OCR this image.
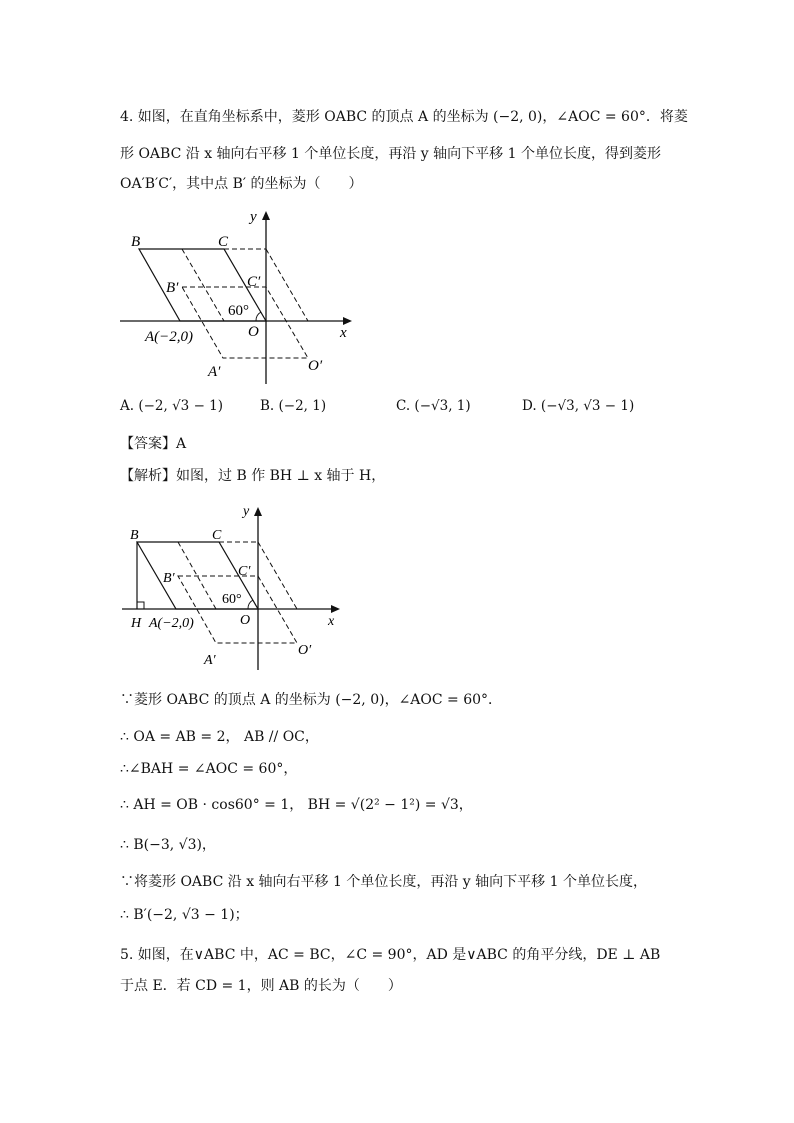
4. 如图，在直角坐标系中，菱形 OABC 的顶点 A 的坐标为 (−2, 0)，∠AOC = 60°．将菱
形 OABC 沿 x 轴向右平移 1 个单位长度，再沿 y 轴向下平移 1 个单位长度，得到菱形
OA′B′C′，其中点 B′ 的坐标为（　　）
y
x
B	C
B′	C′
60°
A(−2,0)	O
A′	O′
A. (−2, √3 − 1)	B. (−2, 1)	C. (−√3, 1)	D. (−√3, √3 − 1)
【答案】A
【解析】如图，过 B 作 BH ⊥ x 轴于 H，
y
x
B	C
B′	C′
60°
H A(−2,0)	O
A′
O′
∵菱形 OABC 的顶点 A 的坐标为 (−2, 0)，∠AOC = 60°．
∴ OA = AB = 2， AB // OC，
∴∠BAH = ∠AOC = 60°，
∴ AH = OB · cos60° = 1， BH = √(2² − 1²) = √3，
∴ B(−3, √3)，
∵将菱形 OABC 沿 x 轴向右平移 1 个单位长度，再沿 y 轴向下平移 1 个单位长度，
∴ B′(−2, √3 − 1)；
5. 如图，在∨ABC 中，AC = BC，∠C = 90°，AD 是∨ABC 的角平分线，DE ⊥ AB
于点 E．若 CD = 1，则 AB 的长为（　　）
